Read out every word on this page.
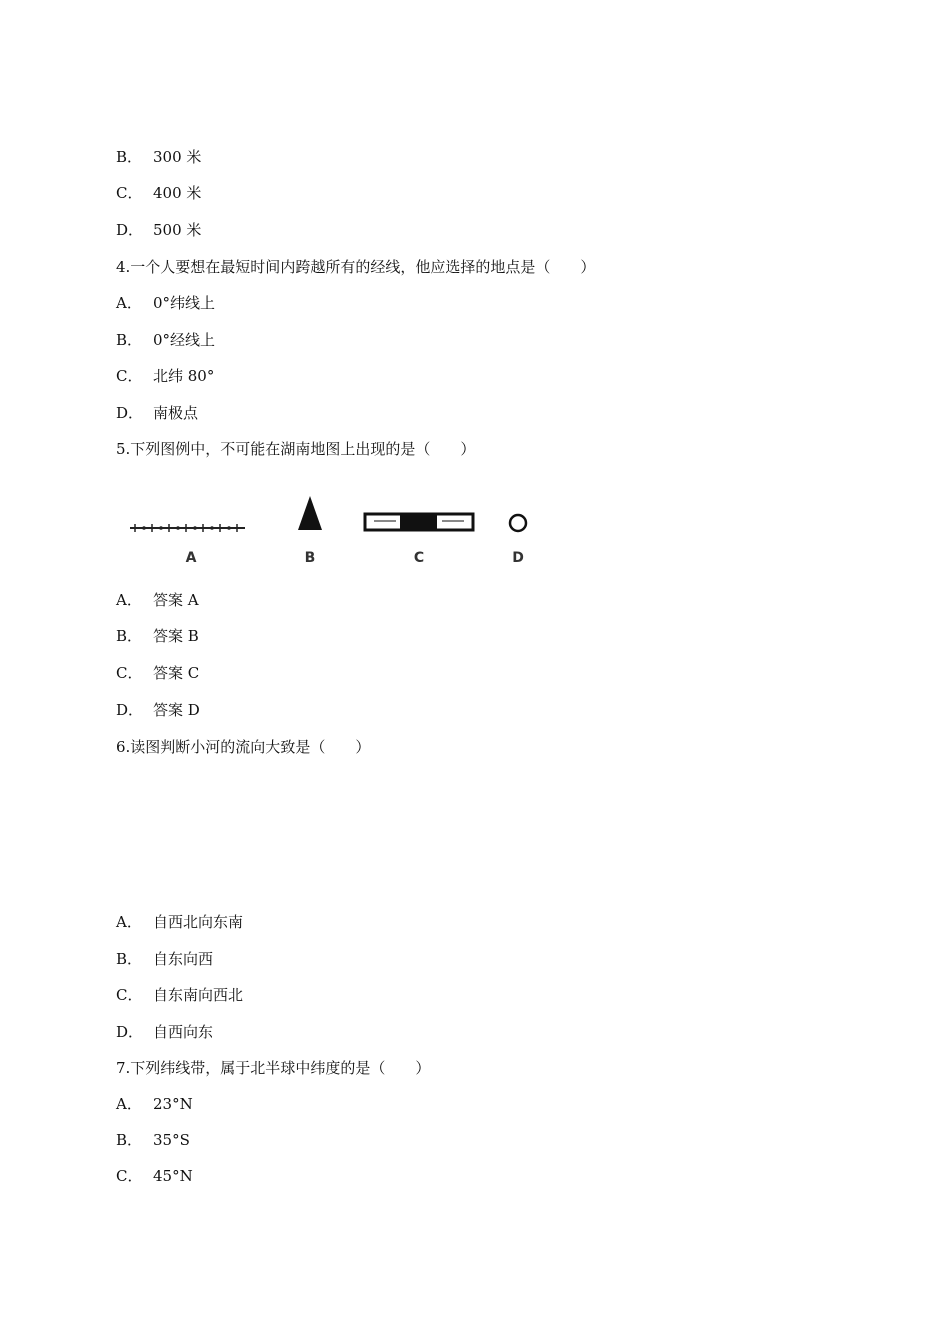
B． 300 米
C． 400 米
D． 500 米
4.一个人要想在最短时间内跨越所有的经线，他应选择的地点是（　　）
A． 0°纬线上
B． 0°经线上
C． 北纬 80°
D． 南极点
5.下列图例中，不可能在湖南地图上出现的是（　　）
A	B	C	D
A． 答案 A
B． 答案 B
C． 答案 C
D． 答案 D
6.读图判断小河的流向大致是（　　）
A． 自西北向东南
B． 自东向西
C． 自东南向西北
D． 自西向东
7.下列纬线带，属于北半球中纬度的是（　　）
A． 23°N
B． 35°S
C． 45°N
